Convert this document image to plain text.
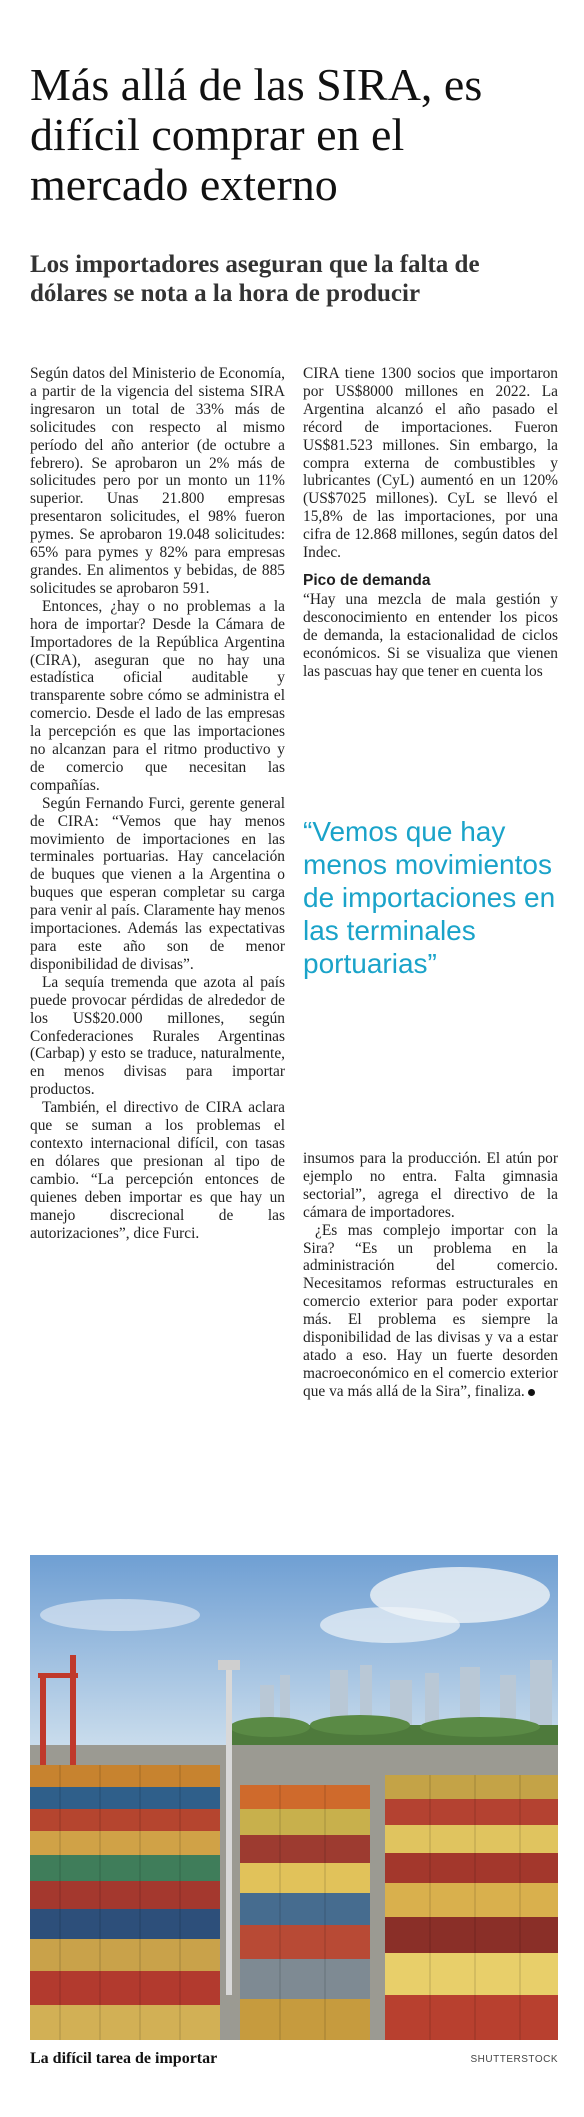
Más allá de las SIRA, es difícil comprar en el mercado externo
Los importadores aseguran que la falta de dólares se nota a la hora de producir

Según datos del Ministerio de Economía, a partir de la vigencia del sistema SIRA ingresaron un total de 33% más de solicitudes con respecto al mismo período del año anterior (de octubre a febrero). Se aprobaron un 2% más de solicitudes pero por un monto un 11% superior. Unas 21.800 empresas presentaron solicitudes, el 98% fueron pymes. Se aprobaron 19.048 solicitudes: 65% para pymes y 82% para empresas grandes. En alimentos y bebidas, de 885 solicitudes se aprobaron 591.

Entonces, ¿hay o no problemas a la hora de importar? Desde la Cámara de Importadores de la República Argentina (CIRA), aseguran que no hay una estadística oficial auditable y transparente sobre cómo se administra el comercio. Desde el lado de las empresas la percepción es que las importaciones no alcanzan para el ritmo productivo y de comercio que necesitan las compañías.

Según Fernando Furci, gerente general de CIRA: “Vemos que hay menos movimiento de importaciones en las terminales portuarias. Hay cancelación de buques que vienen a la Argentina o buques que esperan completar su carga para venir al país. Claramente hay menos importaciones. Además las expectativas para este año son de menor disponibilidad de divisas”.

La sequía tremenda que azota al país puede provocar pérdidas de alrededor de los US$20.000 millones, según Confederaciones Rurales Argentinas (Carbap) y esto se traduce, naturalmente, en menos divisas para importar productos.

También, el directivo de CIRA aclara que se suman a los problemas el contexto internacional difícil, con tasas en dólares que presionan al tipo de cambio. “La percepción entonces de quienes deben importar es que hay un manejo discrecional de las autorizaciones”, dice Furci.

CIRA tiene 1300 socios que importaron por US$8000 millones en 2022. La Argentina alcanzó el año pasado el récord de importaciones. Fueron US$81.523 millones. Sin embargo, la compra externa de combustibles y lubricantes (CyL) aumentó en un 120% (US$7025 millones). CyL se llevó el 15,8% de las importaciones, por una cifra de 12.868 millones, según datos del Indec.

Pico de demanda

“Hay una mezcla de mala gestión y desconocimiento en entender los picos de demanda, la estacionalidad de ciclos económicos. Si se visualiza que vienen las pascuas hay que tener en cuenta los

“Vemos que hay menos movimientos de importaciones en las terminales portuarias”

insumos para la producción. El atún por ejemplo no entra. Falta gimnasia sectorial”, agrega el directivo de la cámara de importadores.

¿Es mas complejo importar con la Sira? “Es un problema en la administración del comercio. Necesitamos reformas estructurales en comercio exterior para poder exportar más. El problema es siempre la disponibilidad de las divisas y va a estar atado a eso. Hay un fuerte desorden macroeconómico en el comercio exterior que va más allá de la Sira”, finaliza.

La difícil tarea de importar	SHUTTERSTOCK
